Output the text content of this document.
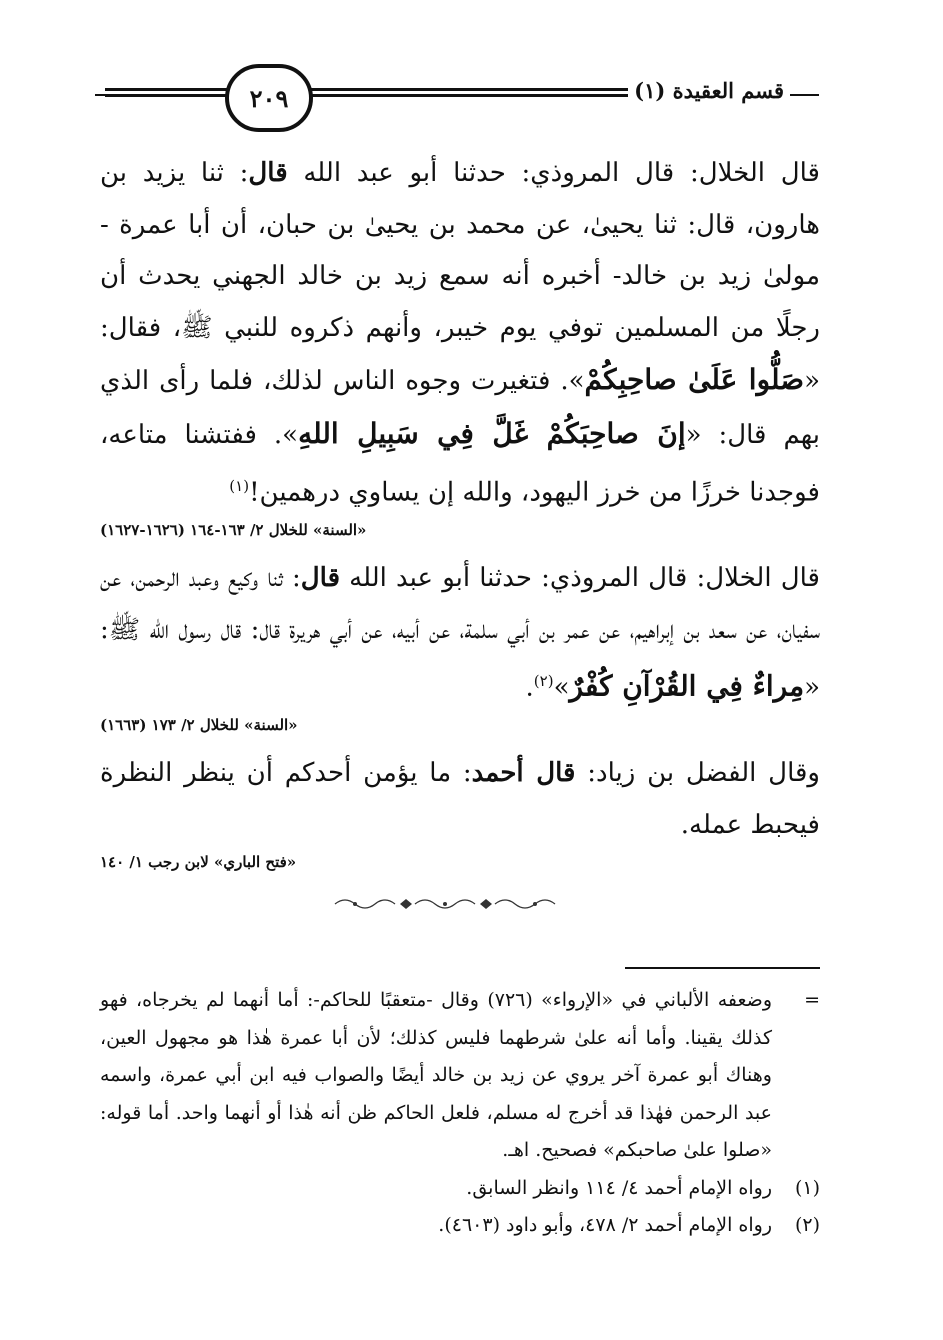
٢٠٩	قسم العقيدة (١)

قال الخلال: قال المروذي: حدثنا أبو عبد الله قال: ثنا يزيد بن هارون، قال: ثنا يحيىٰ، عن محمد بن يحيىٰ بن حبان، أن أبا عمرة - مولىٰ زيد بن خالد- أخبره أنه سمع زيد بن خالد الجهني يحدث أن رجلًا من المسلمين توفي يوم خيبر، وأنهم ذكروه للنبي ﷺ، فقال: «صَلُّوا عَلَىٰ صاحِبِكُمْ». فتغيرت وجوه الناس لذلك، فلما رأى الذي بهم قال: «إنَ صاحِبَكُمْ غَلَّ فِي سَبِيلِ اللهِ». ففتشنا متاعه، فوجدنا خرزًا من خرز اليهود، والله إن يساوي درهمين!$^{(١)}$

«السنة» للخلال ٢/ ١٦٣-١٦٤ (١٦٢٦-١٦٢٧)

قال الخلال: قال المروذي: حدثنا أبو عبد الله قال: ثنا وكيع وعبد الرحمن، عن سفيان، عن سعد بن إبراهيم، عن عمر بن أبي سلمة، عن أبيه، عن أبي هريرة قال: قال رسول الله ﷺ: «مِراءٌ فِي القُرْآنِ كُفْرٌ»$^{(٢)}$.

«السنة» للخلال ٢/ ١٧٣ (١٦٦٣)

وقال الفضل بن زياد: قال أحمد: ما يؤمن أحدكم أن ينظر النظرة فيحبط عمله.

«فتح الباري» لابن رجب ١/ ١٤٠

=
وضعفه الألباني في «الإرواء» (٧٢٦) وقال -متعقبًا للحاكم-: أما أنهما لم يخرجاه، فهو كذلك يقينا. وأما أنه علىٰ شرطهما فليس كذلك؛ لأن أبا عمرة هٰذا هو مجهول العين، وهناك أبو عمرة آخر يروي عن زيد بن خالد أيضًا والصواب فيه ابن أبي عمرة، واسمه عبد الرحمن فهٰذا قد أخرج له مسلم، فلعل الحاكم ظن أنه هٰذا أو أنهما واحد. أما قوله: «صلوا علىٰ صاحبكم» فصحيح. اهـ.

(١)
رواه الإمام أحمد ٤/ ١١٤ وانظر السابق.

(٢)
رواه الإمام أحمد ٢/ ٤٧٨، وأبو داود (٤٦٠٣).
